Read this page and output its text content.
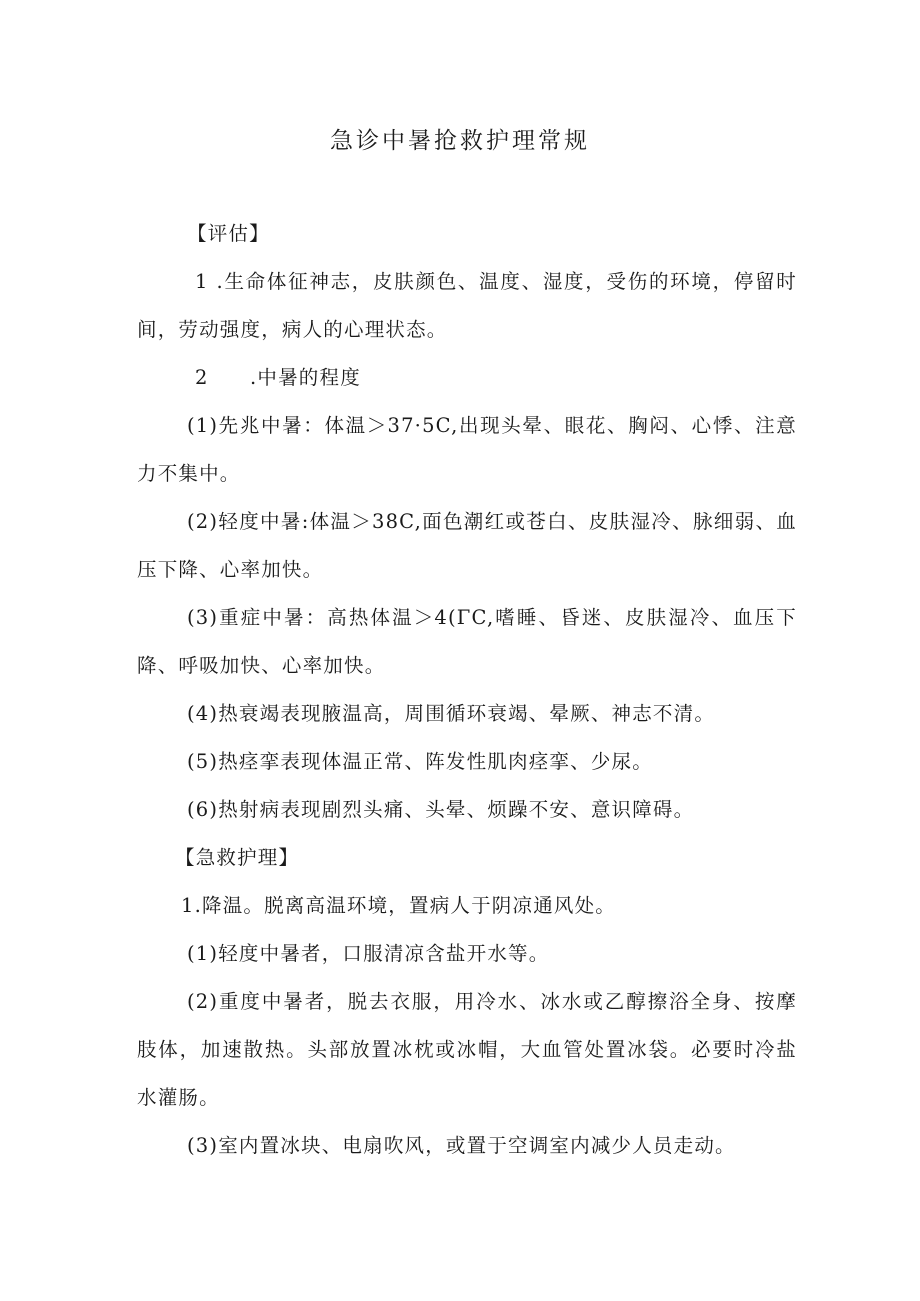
急诊中暑抢救护理常规

【评估】

1 .生命体征神志，皮肤颜色、温度、湿度，受伤的环境，停留时间，劳动强度，病人的心理状态。

2　　.中暑的程度

(1)先兆中暑：体温＞37·5C,出现头晕、眼花、胸闷、心悸、注意力不集中。

(2)轻度中暑:体温＞38C,面色潮红或苍白、皮肤湿冷、脉细弱、血压下降、心率加快。

(3)重症中暑：高热体温＞4(ΓC,嗜睡、昏迷、皮肤湿冷、血压下降、呼吸加快、心率加快。

(4)热衰竭表现腋温高，周围循环衰竭、晕厥、神志不清。

(5)热痉挛表现体温正常、阵发性肌肉痉挛、少尿。

(6)热射病表现剧烈头痛、头晕、烦躁不安、意识障碍。

【急救护理】

1.降温。脱离高温环境，置病人于阴凉通风处。

(1)轻度中暑者，口服清凉含盐开水等。

(2)重度中暑者，脱去衣服，用冷水、冰水或乙醇擦浴全身、按摩肢体，加速散热。头部放置冰枕或冰帽，大血管处置冰袋。必要时冷盐水灌肠。

(3)室内置冰块、电扇吹风，或置于空调室内减少人员走动。
